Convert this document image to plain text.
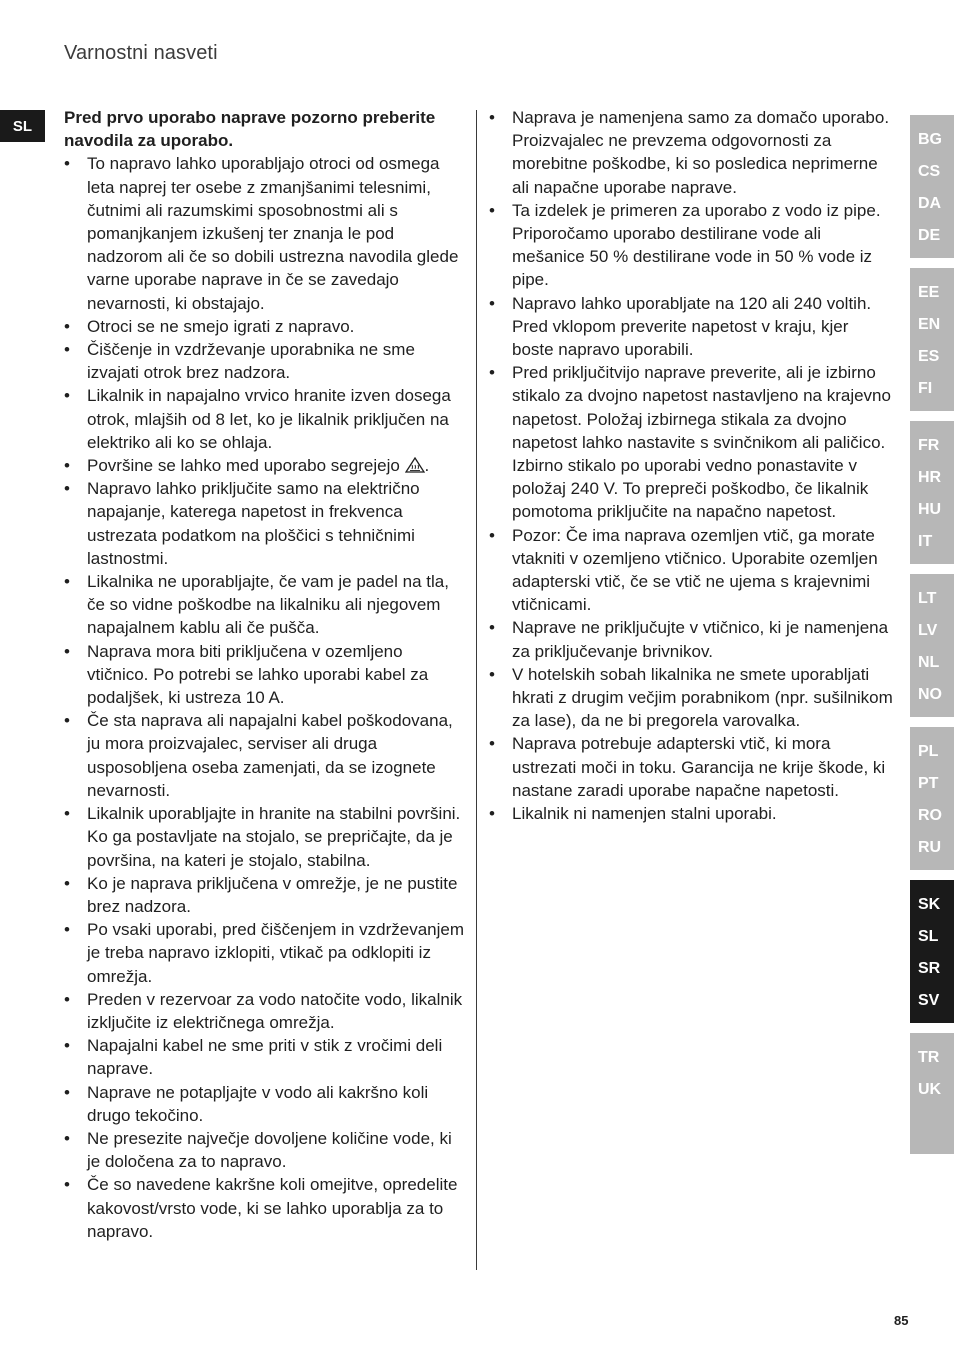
Varnostni nasveti
SL	Pred prvo uporabo naprave pozorno preberite navodila za uporabo.

• To napravo lahko uporabljajo otroci od osmega leta naprej ter osebe z zmanjšanimi telesnimi, čutnimi ali razumskimi sposobnostmi ali s pomanjkanjem izkušenj ter znanja le pod nadzorom ali če so dobili ustrezna navodila glede varne uporabe naprave in če se zavedajo nevarnosti, ki obstajajo.
• Otroci se ne smejo igrati z napravo.
• Čiščenje in vzdrževanje uporabnika ne sme izvajati otrok brez nadzora.
• Likalnik in napajalno vrvico hranite izven dosega otrok, mlajših od 8 let, ko je likalnik priključen na elektriko ali ko se ohlaja.
• Površine se lahko med uporabo segrejejo .
• Napravo lahko priključite samo na električno napajanje, katerega napetost in frekvenca ustrezata podatkom na ploščici s tehničnimi lastnostmi.
• Likalnika ne uporabljajte, če vam je padel na tla, če so vidne poškodbe na likalniku ali njegovem napajalnem kablu ali če pušča.
• Naprava mora biti priključena v ozemljeno vtičnico. Po potrebi se lahko uporabi kabel za podaljšek, ki ustreza 10 A.
• Če sta naprava ali napajalni kabel poškodovana, ju mora proizvajalec, serviser ali druga usposobljena oseba zamenjati, da se izognete nevarnosti.
• Likalnik uporabljajte in hranite na stabilni površini. Ko ga postavljate na stojalo, se prepričajte, da je površina, na kateri je stojalo, stabilna.
• Ko je naprava priključena v omrežje, je ne pustite brez nadzora.
• Po vsaki uporabi, pred čiščenjem in vzdrževanjem je treba napravo izklopiti, vtikač pa odklopiti iz omrežja.
• Preden v rezervoar za vodo natočite vodo, likalnik izključite iz električnega omrežja.
• Napajalni kabel ne sme priti v stik z vročimi deli naprave.
• Naprave ne potapljajte v vodo ali kakršno koli drugo tekočino.
• Ne presezite največje dovoljene količine vode, ki je določena za to napravo.
• Če so navedene kakršne koli omejitve, opredelite kakovost/vrsto vode, ki se lahko uporablja za to napravo.
• Naprava je namenjena samo za domačo uporabo. Proizvajalec ne prevzema odgovornosti za morebitne poškodbe, ki so posledica neprimerne ali napačne uporabe naprave.
• Ta izdelek je primeren za uporabo z vodo iz pipe. Priporočamo uporabo destilirane vode ali mešanice 50 % destilirane vode in 50 % vode iz pipe.
• Napravo lahko uporabljate na 120 ali 240 voltih. Pred vklopom preverite napetost v kraju, kjer boste napravo uporabili.
• Pred priključitvijo naprave preverite, ali je izbirno stikalo za dvojno napetost nastavljeno na krajevno napetost. Položaj izbirnega stikala za dvojno napetost lahko nastavite s svinčnikom ali paličico. Izbirno stikalo po uporabi vedno ponastavite v položaj 240 V. To prepreči poškodbo, če likalnik pomotoma priključite na napačno napetost.
• Pozor: Če ima naprava ozemljen vtič, ga morate vtakniti v ozemljeno vtičnico. Uporabite ozemljen adapterski vtič, če se vtič ne ujema s krajevnimi vtičnicami.
• Naprave ne priključujte v vtičnico, ki je namenjena za priključevanje brivnikov.
• V hotelskih sobah likalnika ne smete uporabljati hkrati z drugim večjim porabnikom (npr. sušilnikom za lase), da ne bi pregorela varovalka.
• Naprava potrebuje adapterski vtič, ki mora ustrezati moči in toku. Garancija ne krije škode, ki nastane zaradi uporabe napačne napetosti.
• Likalnik ni namenjen stalni uporabi.
BG
CS
DA
DE
EE
EN
ES
FI
FR
HR
HU
IT
LT
LV
NL
NO
PL
PT
RO
RU
SK
SL
SR
SV
TR
UK
85
